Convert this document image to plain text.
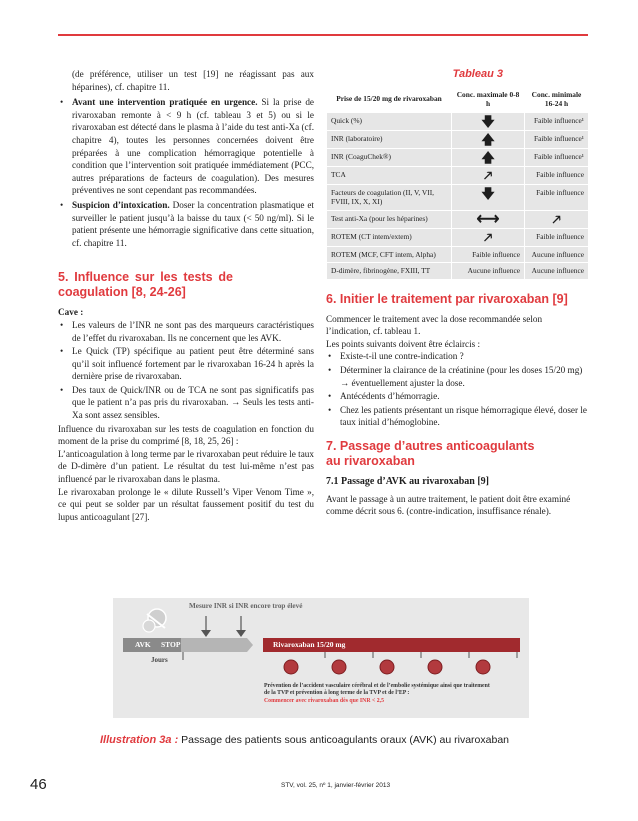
(de préférence, utiliser un test [19] ne réagissant pas aux héparines), cf. chapitre 11.

• Avant une intervention pratiquée en urgence. Si la prise de rivaroxaban remonte à < 9 h (cf. tableau 3 et 5) ou si le rivaroxaban est détecté dans le plasma à l’aide du test anti-Xa (cf. chapitre 4), toutes les personnes concernées doivent être préparées à une complication hémorragique potentielle à condition que l’intervention soit pratiquée immédiatement (PCC, autres préparations de facteurs de coagulation). Des mesures préventives ne sont cependant pas recommandées.
• Suspicion d’intoxication. Doser la concentration plasmatique et surveiller le patient jusqu’à la baisse du taux (< 50 ng/ml). Si le patient présente une hémorragie significative dans cette situation, cf. chapitre 11.
5. Influence sur les tests de coagulation [8, 24-26]

Cave :

• Les valeurs de l’INR ne sont pas des marqueurs caractéristiques de l’effet du rivaroxaban. Ils ne concernent que les AVK.
• Le Quick (TP) spécifique au patient peut être déterminé sans qu’il soit influencé fortement par le rivaroxaban 16-24 h après la dernière prise de rivaroxaban.
• Des taux de Quick/INR ou de TCA ne sont pas significatifs pas que le patient n’a pas pris du rivaroxaban. → Seuls les tests anti-Xa sont assez sensibles.

Influence du rivaroxaban sur les tests de coagulation en fonction du moment de la prise du comprimé [8, 18, 25, 26] :

L’anticoagulation à long terme par le rivaroxaban peut réduire le taux de D-dimère d’un patient. Le résultat du test lui-même n’est pas influencé par le rivaroxaban dans le plasma.

Le rivaroxaban prolonge le « dilute Russell’s Viper Venom Time », ce qui peut se solder par un résultat faussement positif du test du lupus anticoagulant [27].

Tableau 3
Prise de 15/20 mg de rivaroxaban	Conc. maximale 0-8 h	Conc. minimale 16-24 h
Quick (%)	🡇	Faible influence¹
INR (laboratoire)	🡅	Faible influence¹
INR (CoaguChek®)	🡅	Faible influence¹
TCA	🡕	Faible influence
Facteurs de coagulation (II, V, VII, FVIII, IX, X, XI)	🡇	Faible influence
Test anti-Xa (pour les héparines)	⟷	🡕
ROTEM (CT intem/extem)	🡕	Faible influence
ROTEM (MCF, CFT intem, Alpha)	Faible influence	Aucune influence
D-dimère, fibrinogène, FXIII, TT	Aucune influence	Aucune influence
6. Initier le traitement par rivaroxaban [9]

Commencer le traitement avec la dose recommandée selon l’indication, cf. tableau 1.

Les points suivants doivent être éclaircis :

• Existe-t-il une contre-indication ?
• Déterminer la clairance de la créatinine (pour les doses 15/20 mg) → éventuellement ajuster la dose.
• Antécédents d’hémorragie.
• Chez les patients présentant un risque hémorragique élevé, doser le taux initial d’hémoglobine.
7. Passage d’autres anticoagulants au rivaroxaban

7.1 Passage d’AVK au rivaroxaban [9]

Avant le passage à un autre traitement, le patient doit être examiné comme décrit sous 6. (contre-indication, insuffisance rénale).

Mesure INR si INR encore trop élevé
AVK STOP
Jours
Rivaroxaban 15/20 mg
Prévention de l’accident vasculaire cérébral et de l’embolie systémique ainsi que traitement de la TVP et prévention à long terme de la TVP et de l’EP :
Commencer avec rivaroxaban dès que INR < 2,5
Illustration 3a : Passage des patients sous anticoagulants oraux (AVK) au rivaroxaban
46	STV, vol. 25, nº 1, janvier-février 2013
